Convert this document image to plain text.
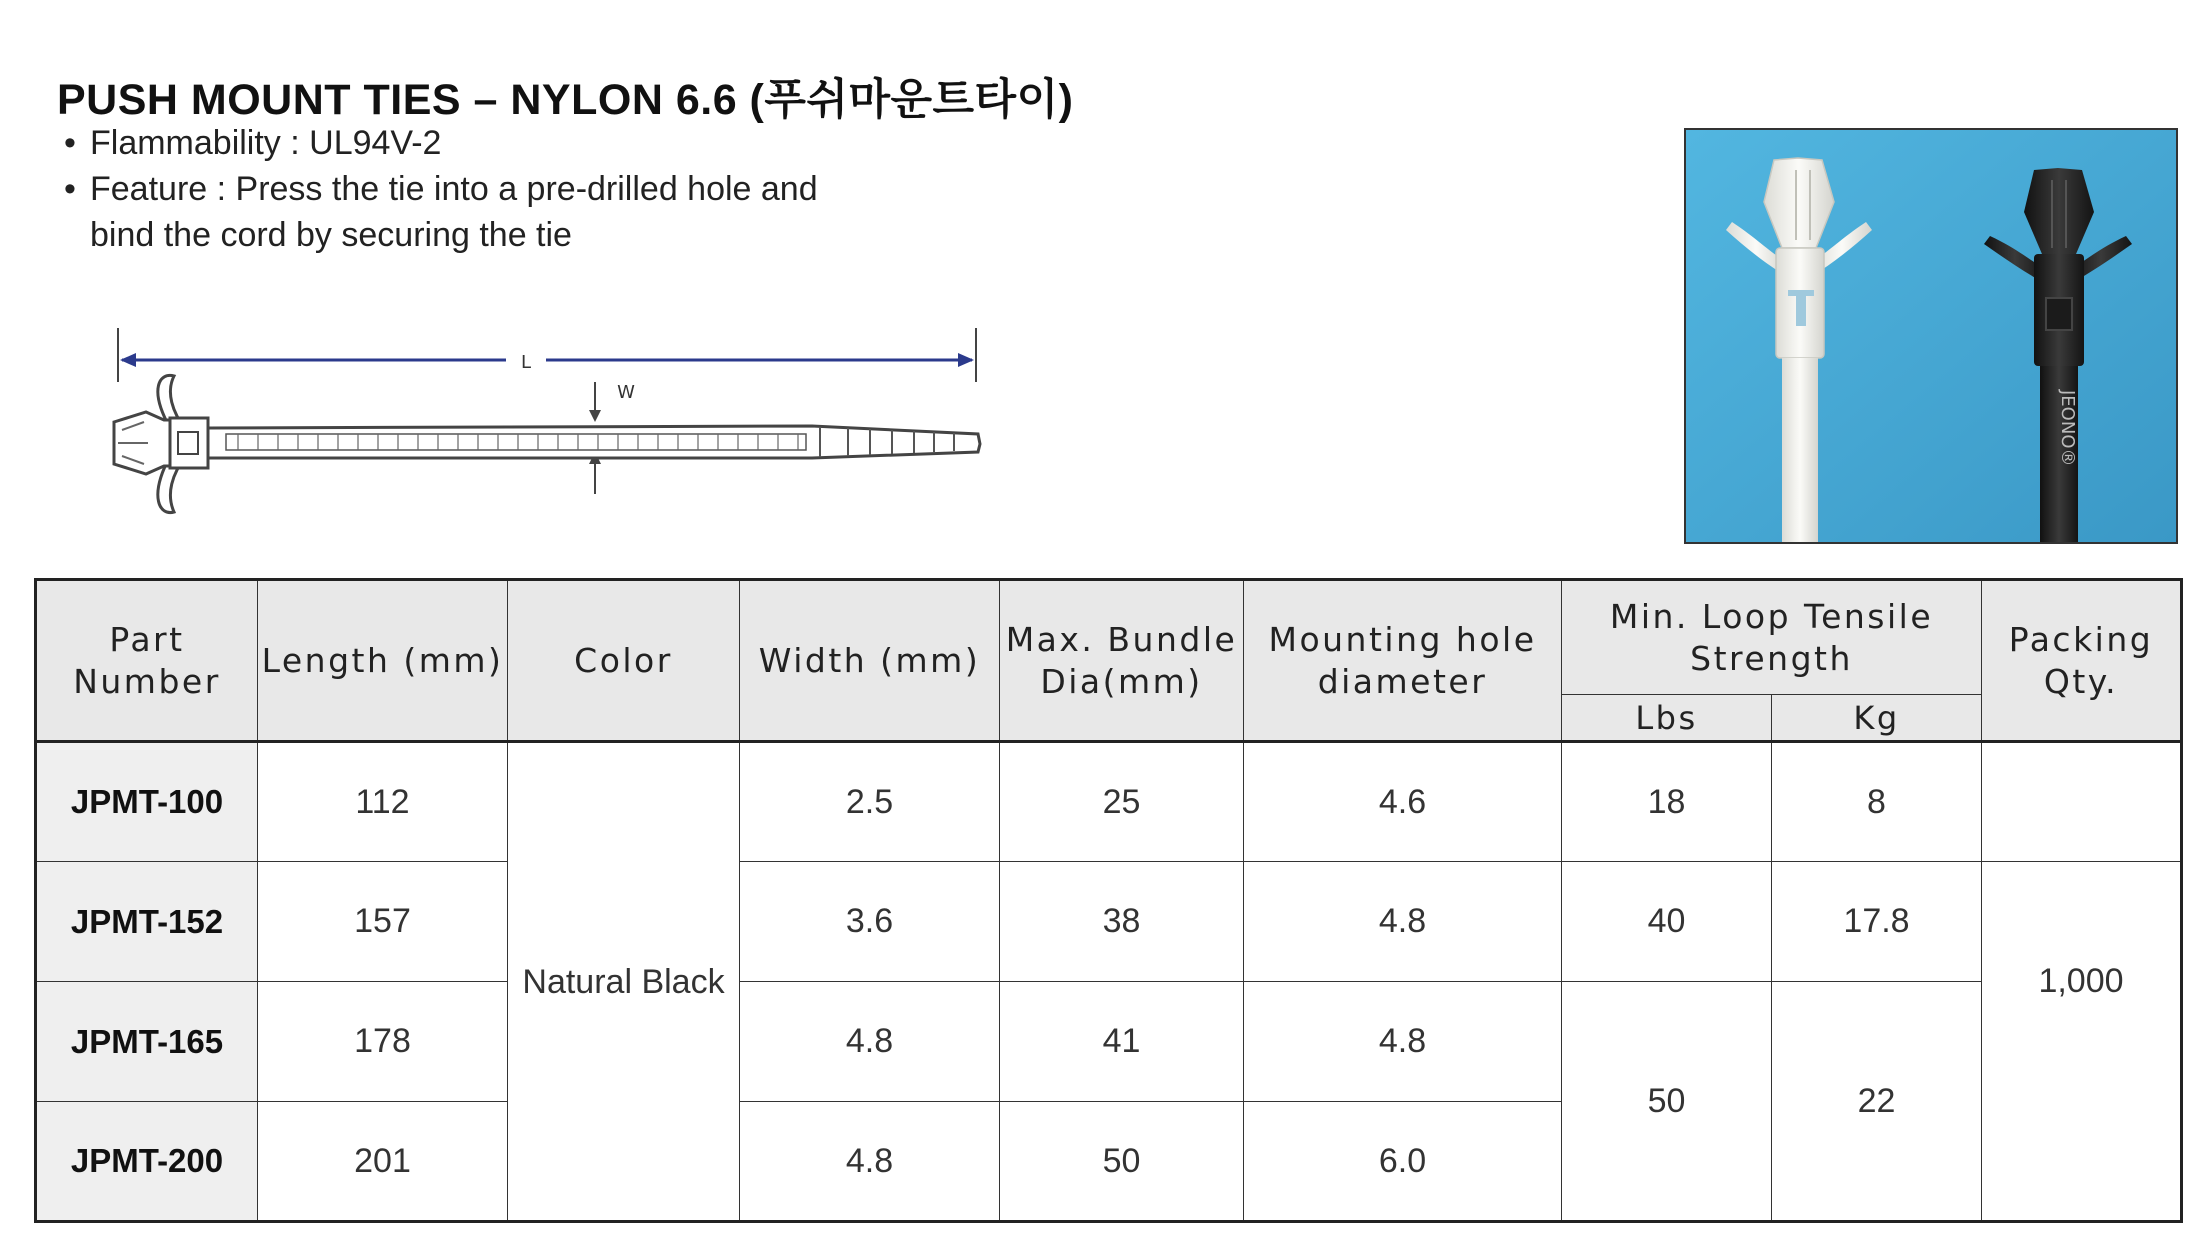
PUSH MOUNT TIES – NYLON 6.6 (푸쉬마운트타이)
• Flammability : UL94V-2
• Feature : Press the tie into a pre-drilled hole and
bind the cord by securing the tie
L
W	JEONO®
Part Number	Length (mm)	Color	Width (mm)	Max. Bundle Dia(mm)	Mounting hole diameter	Min. Loop Tensile Strength		Packing Qty.
						Lbs	Kg	
JPMT-100	112	Natural Black	2.5	25	4.6	18	8	
JPMT-152	157		3.6	38	4.8	40	17.8	1,000
JPMT-165	178		4.8	41	4.8	50	22	
JPMT-200	201		4.8	50	6.0			
